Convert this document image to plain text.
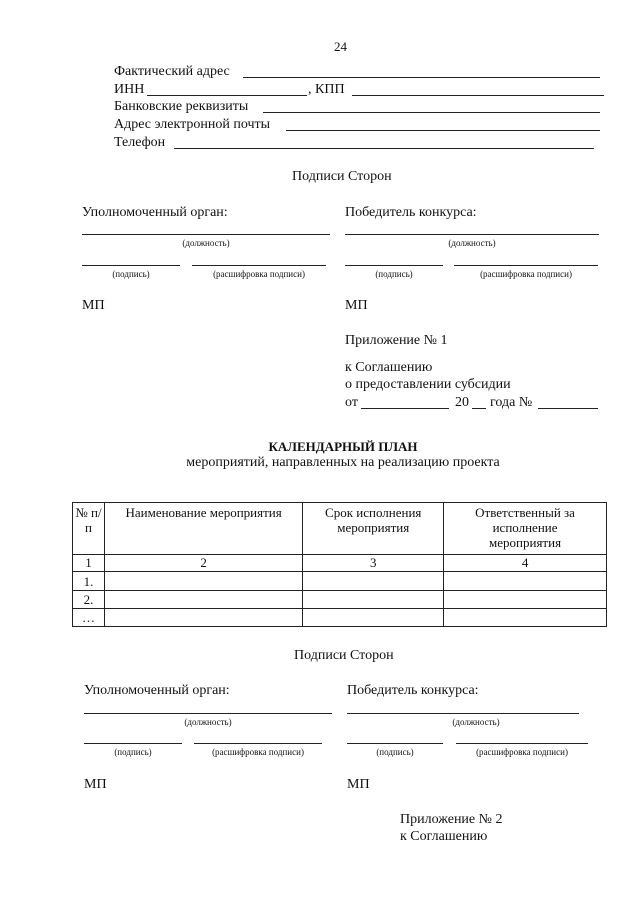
24
Фактический адрес
ИНН	, КПП
Банковские реквизиты
Адрес электронной почты
Телефон
Подписи Сторон
Уполномоченный орган:	Победитель конкурса:
(должность)	(должность)
(подпись)	(расшифровка подписи)	(подпись)	(расшифровка подписи)
МП	МП
Приложение № 1
к Соглашению
о предоставлении субсидии
от	20 года №
КАЛЕНДАРНЫЙ ПЛАН
мероприятий, направленных на реализацию проекта
№ п/п	Наименование мероприятия	Срок исполнения мероприятия	Ответственный за исполнение мероприятия
1	2	3	4
1.			
2.			
…			
Подписи Сторон
Уполномоченный орган:	Победитель конкурса:
(должность)	(должность)
(подпись)	(расшифровка подписи)	(подпись)	(расшифровка подписи)
МП	МП
Приложение № 2
к Соглашению
